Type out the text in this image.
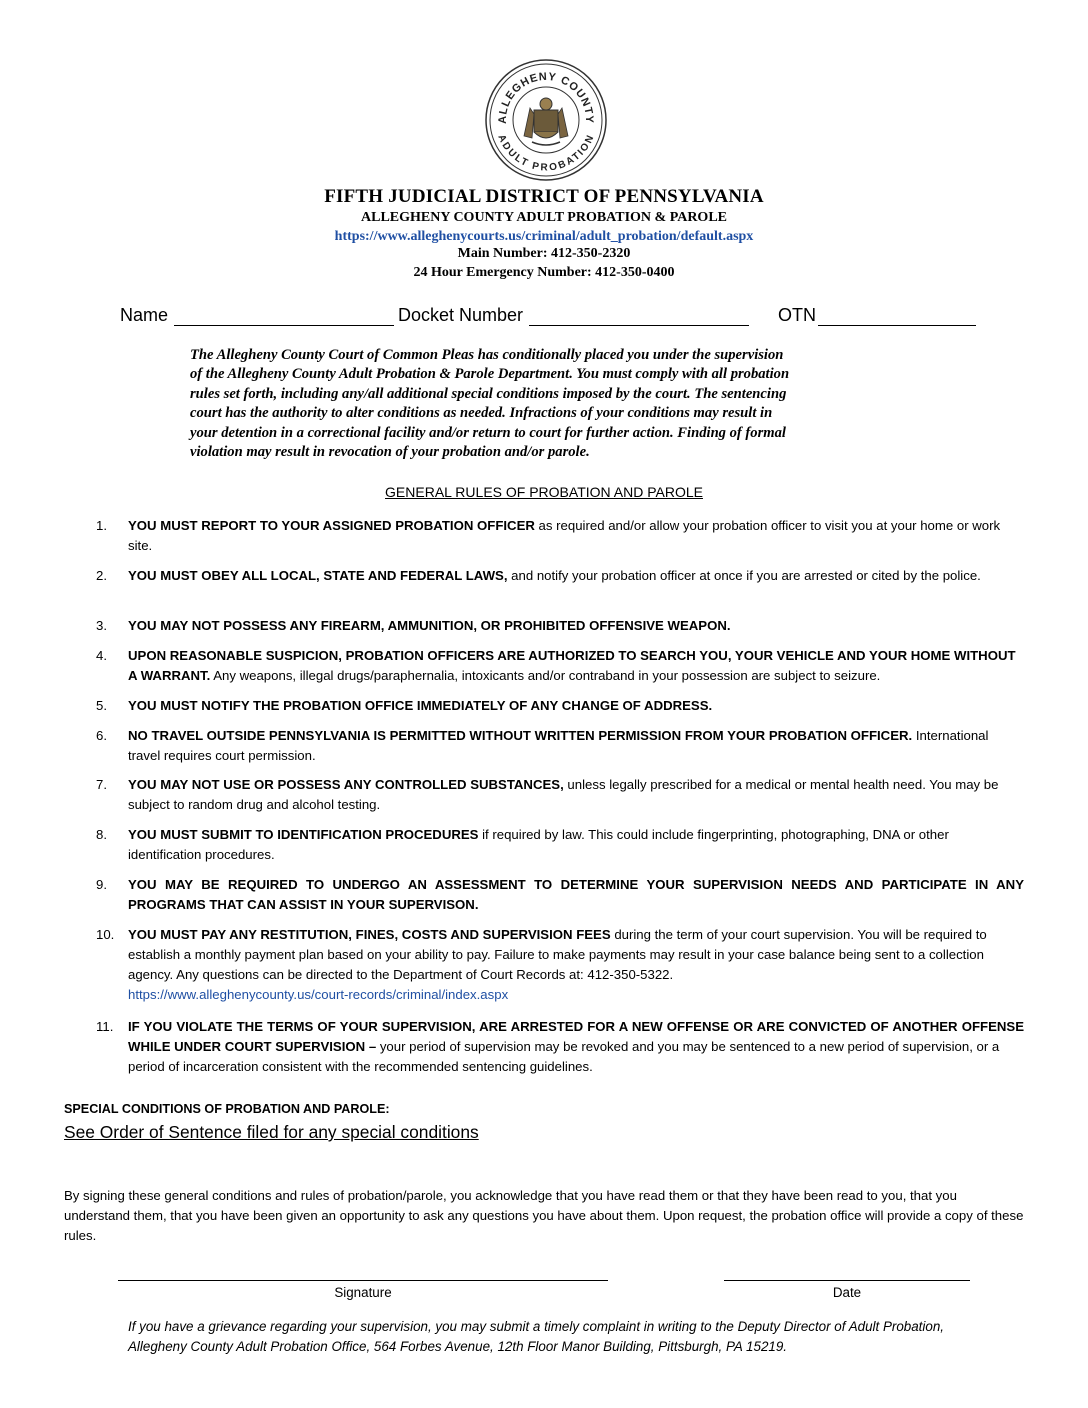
ALLEGHENY COUNTY
ADULT PROBATION
FIFTH JUDICIAL DISTRICT OF PENNSYLVANIA
ALLEGHENY COUNTY ADULT PROBATION & PAROLE
https://www.alleghenycourts.us/criminal/adult_probation/default.aspx
Main Number: 412-350-2320
24 Hour Emergency Number: 412-350-0400
Name	Docket Number	OTN
The Allegheny County Court of Common Pleas has conditionally placed you under the supervision
of the Allegheny County Adult Probation & Parole Department. You must comply with all probation
rules set forth, including any/all additional special conditions imposed by the court. The sentencing
court has the authority to alter conditions as needed. Infractions of your conditions may result in
your detention in a correctional facility and/or return to court for further action. Finding of formal
violation may result in revocation of your probation and/or parole.
GENERAL RULES OF PROBATION AND PAROLE
1. YOU MUST REPORT TO YOUR ASSIGNED PROBATION OFFICER as required and/or allow your probation officer to visit you at your home or work site.
2. YOU MUST OBEY ALL LOCAL, STATE AND FEDERAL LAWS, and notify your probation officer at once if you are arrested or cited by the police.
3. YOU MAY NOT POSSESS ANY FIREARM, AMMUNITION, OR PROHIBITED OFFENSIVE WEAPON.
4. UPON REASONABLE SUSPICION, PROBATION OFFICERS ARE AUTHORIZED TO SEARCH YOU, YOUR VEHICLE AND YOUR HOME WITHOUT A WARRANT. Any weapons, illegal drugs/paraphernalia, intoxicants and/or contraband in your possession are subject to seizure.
5. YOU MUST NOTIFY THE PROBATION OFFICE IMMEDIATELY OF ANY CHANGE OF ADDRESS.
6. NO TRAVEL OUTSIDE PENNSYLVANIA IS PERMITTED WITHOUT WRITTEN PERMISSION FROM YOUR PROBATION OFFICER. International travel requires court permission.
7. YOU MAY NOT USE OR POSSESS ANY CONTROLLED SUBSTANCES, unless legally prescribed for a medical or mental health need. You may be subject to random drug and alcohol testing.
8. YOU MUST SUBMIT TO IDENTIFICATION PROCEDURES if required by law. This could include fingerprinting, photographing, DNA or other identification procedures.
9. YOU MAY BE REQUIRED TO UNDERGO AN ASSESSMENT TO DETERMINE YOUR SUPERVISION NEEDS AND PARTICIPATE IN ANY
PROGRAMS THAT CAN ASSIST IN YOUR SUPERVISON.
10. YOU MUST PAY ANY RESTITUTION, FINES, COSTS AND SUPERVISION FEES during the term of your court supervision. You will be required to establish a monthly payment plan based on your ability to pay. Failure to make payments may result in your case balance being sent to a collection agency. Any questions can be directed to the Department of Court Records at: 412-350-5322.
https://www.alleghenycounty.us/court-records/criminal/index.aspx
11. IF YOU VIOLATE THE TERMS OF YOUR SUPERVISION, ARE ARRESTED FOR A NEW OFFENSE OR ARE CONVICTED OF ANOTHER OFFENSE
WHILE UNDER COURT SUPERVISION – your period of supervision may be revoked and you may be sentenced to a new period of supervision, or a period of incarceration consistent with the recommended sentencing guidelines.
SPECIAL CONDITIONS OF PROBATION AND PAROLE:
See Order of Sentence filed for any special conditions
By signing these general conditions and rules of probation/parole, you acknowledge that you have read them or that they have been read to you, that you understand them, that you have been given an opportunity to ask any questions you have about them. Upon request, the probation office will provide a copy of these rules.
Signature	Date
If you have a grievance regarding your supervision, you may submit a timely complaint in writing to the Deputy Director of Adult Probation, Allegheny County Adult Probation Office, 564 Forbes Avenue, 12th Floor Manor Building, Pittsburgh, PA 15219.
